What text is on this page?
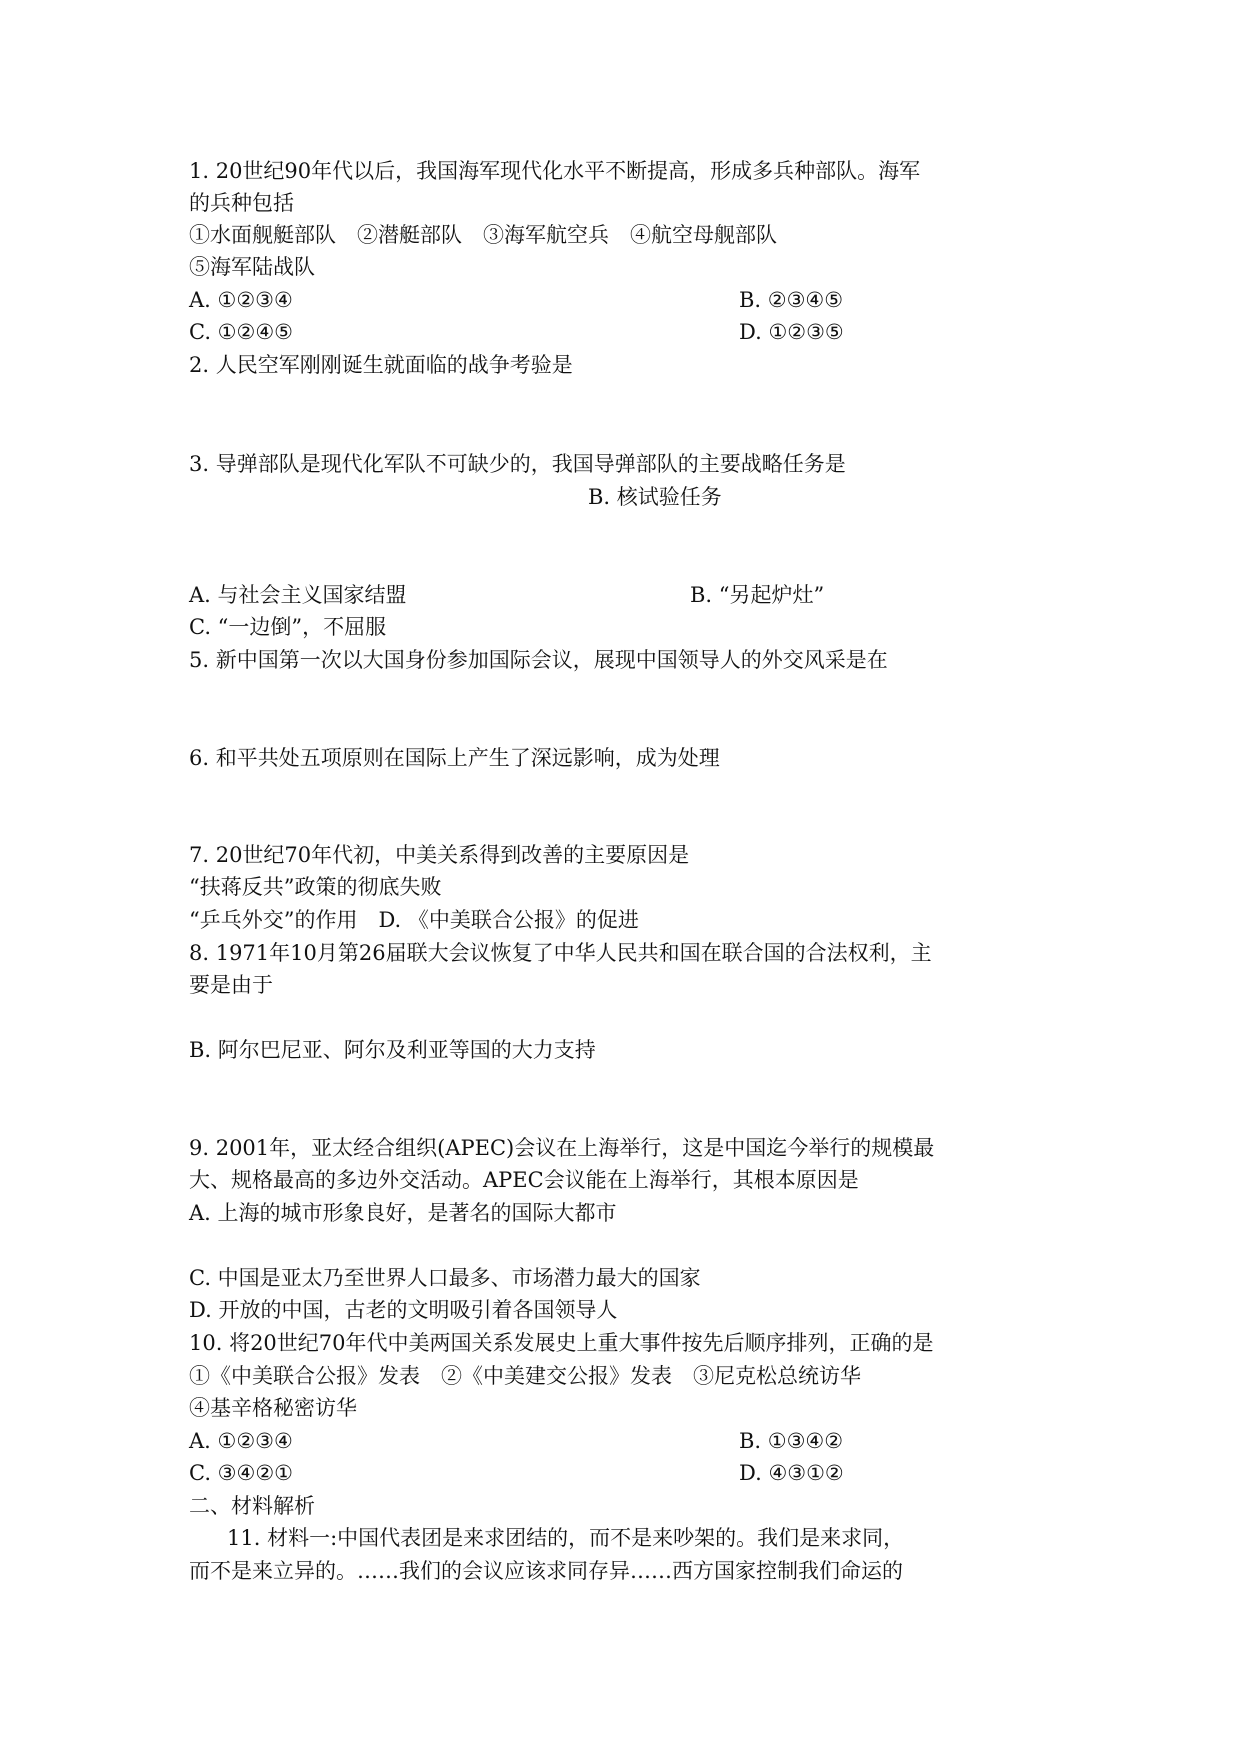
1. 20世纪90年代以后，我国海军现代化水平不断提高，形成多兵种部队。海军
的兵种包括
①水面舰艇部队　②潜艇部队　③海军航空兵　④航空母舰部队
⑤海军陆战队
A. ①②③④	B. ②③④⑤
C. ①②④⑤	D. ①②③⑤
2. 人民空军刚刚诞生就面临的战争考验是
3. 导弹部队是现代化军队不可缺少的，我国导弹部队的主要战略任务是
B. 核试验任务
A. 与社会主义国家结盟	B. “另起炉灶”
C. “一边倒”，不屈服
5. 新中国第一次以大国身份参加国际会议，展现中国领导人的外交风采是在
6. 和平共处五项原则在国际上产生了深远影响，成为处理
7. 20世纪70年代初，中美关系得到改善的主要原因是
“扶蒋反共”政策的彻底失败
“乒乓外交”的作用　D. 《中美联合公报》的促进
8. 1971年10月第26届联大会议恢复了中华人民共和国在联合国的合法权利，主
要是由于
B. 阿尔巴尼亚、阿尔及利亚等国的大力支持
9. 2001年，亚太经合组织(APEC)会议在上海举行，这是中国迄今举行的规模最
大、规格最高的多边外交活动。APEC会议能在上海举行，其根本原因是
A. 上海的城市形象良好，是著名的国际大都市
C. 中国是亚太乃至世界人口最多、市场潜力最大的国家
D. 开放的中国，古老的文明吸引着各国领导人
10. 将20世纪70年代中美两国关系发展史上重大事件按先后顺序排列，正确的是
①《中美联合公报》发表　②《中美建交公报》发表　③尼克松总统访华
④基辛格秘密访华
A. ①②③④	B. ①③④②
C. ③④②①	D. ④③①②
二、材料解析
11. 材料一:中国代表团是来求团结的，而不是来吵架的。我们是来求同，
而不是来立异的。……我们的会议应该求同存异……西方国家控制我们命运的
